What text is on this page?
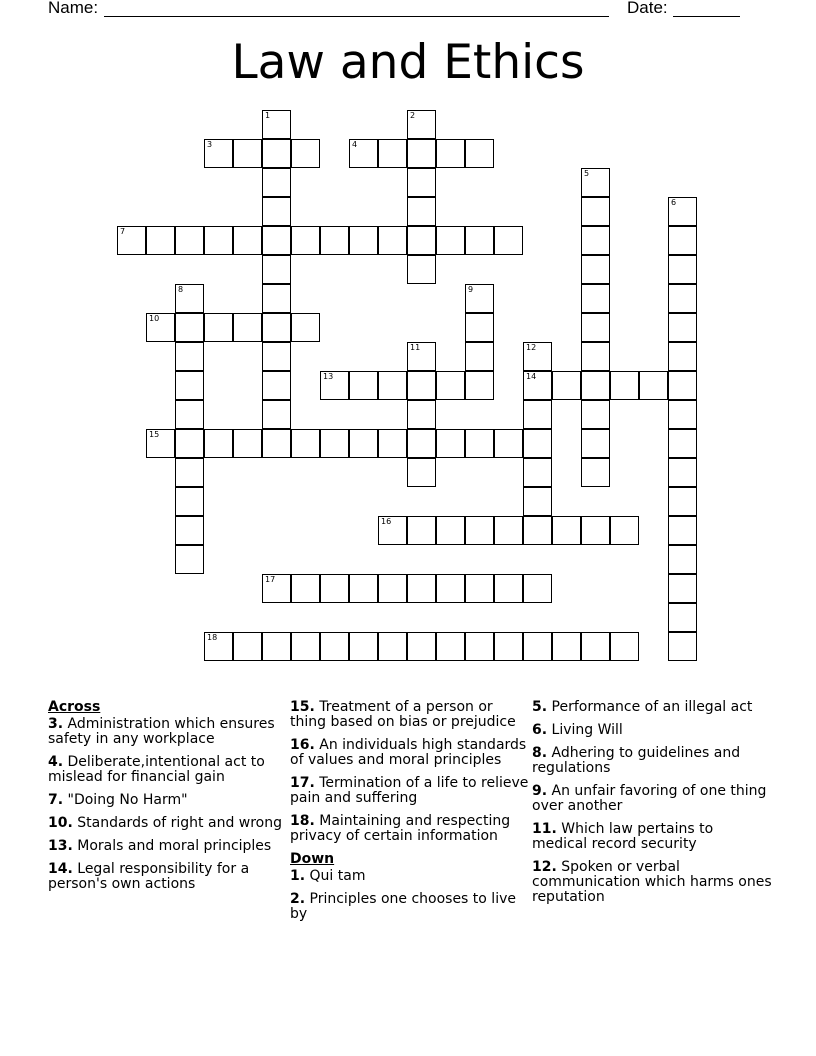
Name:	Date:
Law and Ethics
1	2
3	4
5
6
7
8	9
10
11	12
14
13
15
16
17
18
Across
3. Administration which ensures safety in any workplace
4. Deliberate,intentional act to mislead for financial gain
7. "Doing No Harm"
10. Standards of right and wrong
13. Morals and moral principles
14. Legal responsibility for a person's own actions
15. Treatment of a person or thing based on bias or prejudice
16. An individuals high standards of values and moral principles
17. Termination of a life to relieve pain and suffering
18. Maintaining and respecting privacy of certain information
Down
1. Qui tam
2. Principles one chooses to live by
5. Performance of an illegal act
6. Living Will
8. Adhering to guidelines and regulations
9. An unfair favoring of one thing over another
11. Which law pertains to medical record security
12. Spoken or verbal communication which harms ones reputation
